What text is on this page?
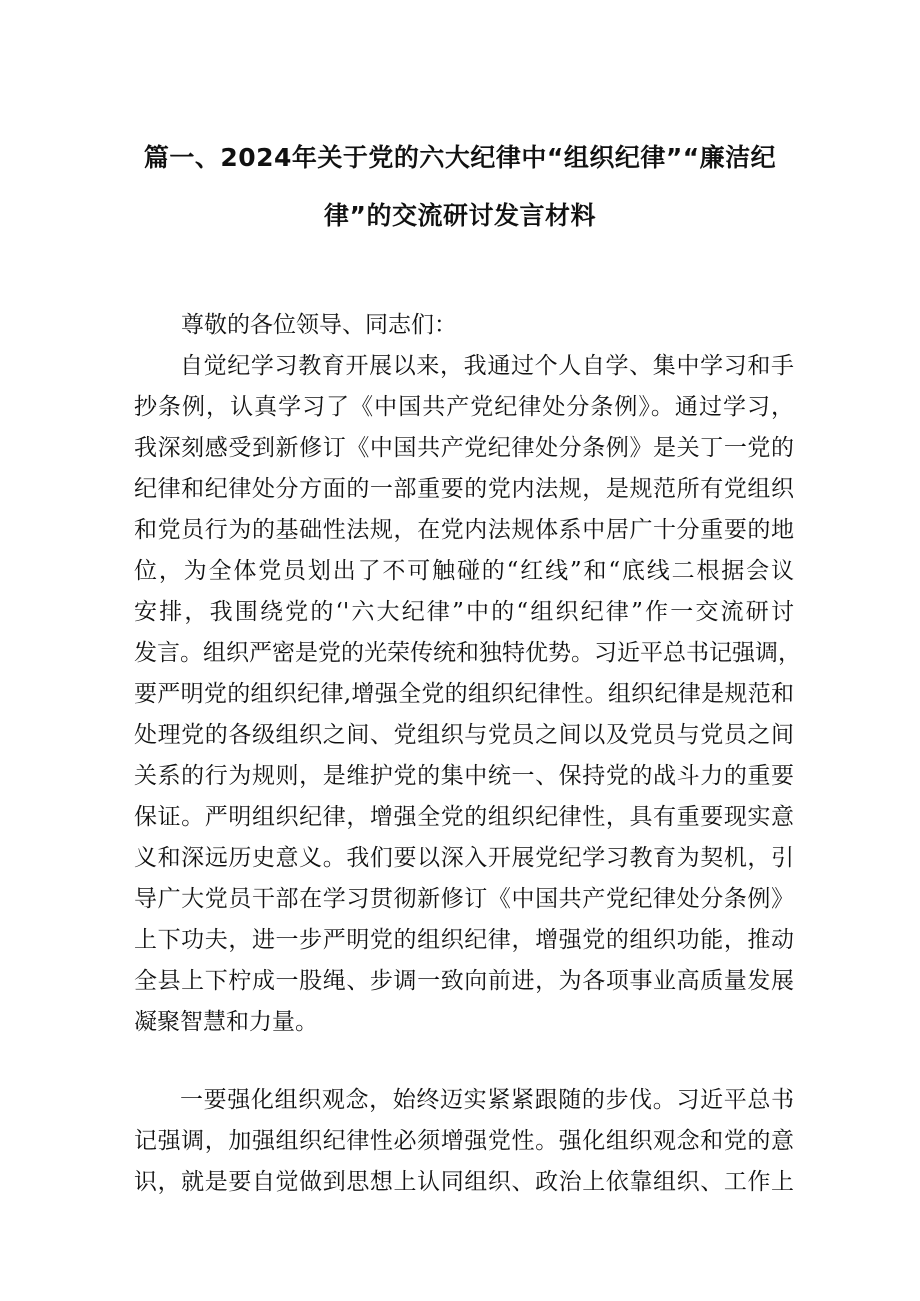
篇一、2024年关于党的六大纪律中“组织纪律”“廉洁纪
律”的交流研讨发言材料
尊敬的各位领导、同志们：
自觉纪学习教育开展以来，我通过个人自学、集中学习和手
抄条例，认真学习了《中国共产党纪律处分条例》。通过学习，
我深刻感受到新修订《中国共产党纪律处分条例》是关丁一党的
纪律和纪律处分方面的一部重要的党内法规，是规范所有党组织
和党员行为的基础性法规，在党内法规体系中居广十分重要的地
位，为全体党员划出了不可触碰的“红线”和“底线二根据会议
安排，我围绕党的‘'六大纪律”中的“组织纪律”作一交流研讨
发言。组织严密是党的光荣传统和独特优势。习近平总书记强调，
要严明党的组织纪律,增强全党的组织纪律性。组织纪律是规范和
处理党的各级组织之间、党组织与党员之间以及党员与党员之间
关系的行为规则，是维护党的集中统一、保持党的战斗力的重要
保证。严明组织纪律，增强全党的组织纪律性，具有重要现实意
义和深远历史意义。我们要以深入开展党纪学习教育为契机，引
导广大党员干部在学习贯彻新修订《中国共产党纪律处分条例》
上下功夫，进一步严明党的组织纪律，增强党的组织功能，推动
全县上下柠成一股绳、步调一致向前进，为各项事业高质量发展
凝聚智慧和力量。
一要强化组织观念，始终迈实紧紧跟随的步伐。习近平总书
记强调，加强组织纪律性必须增强党性。强化组织观念和党的意
识，就是要自觉做到思想上认同组织、政治上依靠组织、工作上
